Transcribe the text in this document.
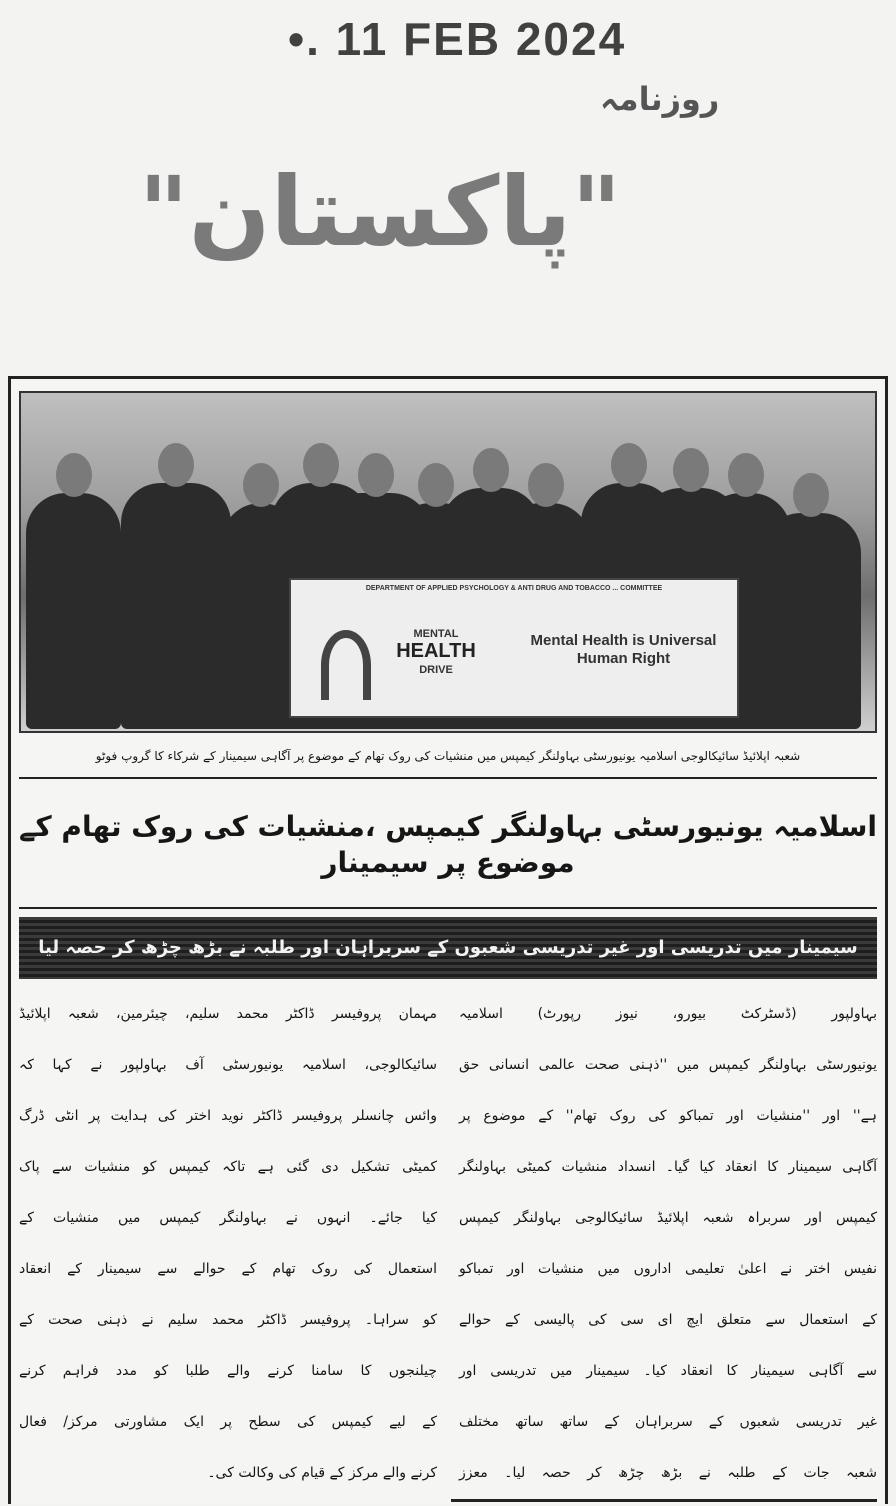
•. 11 FEB 2024
روزنامہ
"پاکستان"
DEPARTMENT OF APPLIED PSYCHOLOGY & ANTI DRUG AND TOBACCO ... COMMITTEE
MENTAL
HEALTH
DRIVE
Mental Health is Universal Human Right
شعبہ اپلائیڈ سائیکالوجی اسلامیہ یونیورسٹی بہاولنگر کیمپس میں منشیات کی روک تھام کے موضوع پر آگاہی سیمینار کے شرکاء کا گروپ فوٹو
اسلامیہ یونیورسٹی بہاولنگر کیمپس ،منشیات کی روک تھام کے موضوع پر سیمینار
سیمینار میں تدریسی اور غیر تدریسی شعبوں کے سربراہان اور طلبہ نے بڑھ چڑھ کر حصہ لیا
بہاولپور (ڈسٹرکٹ بیورو، نیوز رپورٹ) اسلامیہ
یونیورسٹی بہاولنگر کیمپس میں ''ذہنی صحت عالمی انسانی حق
ہے'' اور ''منشیات اور تمباکو کی روک تھام'' کے موضوع پر
آگاہی سیمینار کا انعقاد کیا گیا۔ انسداد منشیات کمیٹی بہاولنگر
کیمپس اور سربراہ شعبہ اپلائیڈ سائیکالوجی بہاولنگر کیمپس
نفیس اختر نے اعلیٰ تعلیمی اداروں میں منشیات اور تمباکو
کے استعمال سے متعلق ایچ ای سی کی پالیسی کے حوالے
سے آگاہی سیمینار کا انعقاد کیا۔ سیمینار میں تدریسی اور
غیر تدریسی شعبوں کے سربراہان کے ساتھ ساتھ مختلف
شعبہ جات کے طلبہ نے بڑھ چڑھ کر حصہ لیا۔ معزز
مہمان پروفیسر ڈاکٹر محمد سلیم، چیئرمین، شعبہ اپلائیڈ
سائیکالوجی، اسلامیہ یونیورسٹی آف بہاولپور نے کہا کہ
وائس چانسلر پروفیسر ڈاکٹر نوید اختر کی ہدایت پر انٹی ڈرگ
کمیٹی تشکیل دی گئی ہے تاکہ کیمپس کو منشیات سے پاک
کیا جائے۔ انہوں نے بہاولنگر کیمپس میں منشیات کے
استعمال کی روک تھام کے حوالے سے سیمینار کے انعقاد
کو سراہا۔ پروفیسر ڈاکٹر محمد سلیم نے ذہنی صحت کے
چیلنجوں کا سامنا کرنے والے طلبا کو مدد فراہم کرنے
کے لیے کیمپس کی سطح پر ایک مشاورتی مرکز/ فعال
کرنے والے مرکز کے قیام کی وکالت کی۔
